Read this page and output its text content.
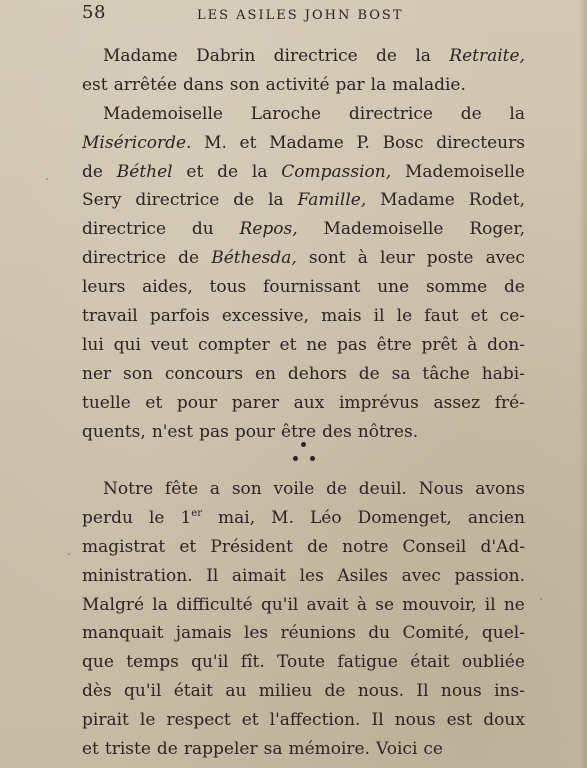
58	LES ASILES JOHN BOST
Madame Dabrin directrice de la Retraite,
est arrêtée dans son activité par la maladie.
Mademoiselle Laroche directrice de la
Miséricorde. M. et Madame P. Bosc directeurs
de Béthel et de la Compassion, Mademoiselle
Sery directrice de la Famille, Madame Rodet,
directrice du Repos, Mademoiselle Roger,
directrice de Béthesda, sont à leur poste avec
leurs aides, tous fournissant une somme de
travail parfois excessive, mais il le faut et ce-
lui qui veut compter et ne pas être prêt à don-
ner son concours en dehors de sa tâche habi-
tuelle et pour parer aux imprévus assez fré-
quents, n'est pas pour être des nôtres.
Notre fête a son voile de deuil. Nous avons
perdu le 1er mai, M. Léo Domenget, ancien
magistrat et Président de notre Conseil d'Ad-
ministration. Il aimait les Asiles avec passion.
Malgré la difficulté qu'il avait à se mouvoir, il ne
manquait jamais les réunions du Comité, quel-
que temps qu'il fît. Toute fatigue était oubliée
dès qu'il était au milieu de nous. Il nous ins-
pirait le respect et l'affection. Il nous est doux
et triste de rappeler sa mémoire. Voici ce
